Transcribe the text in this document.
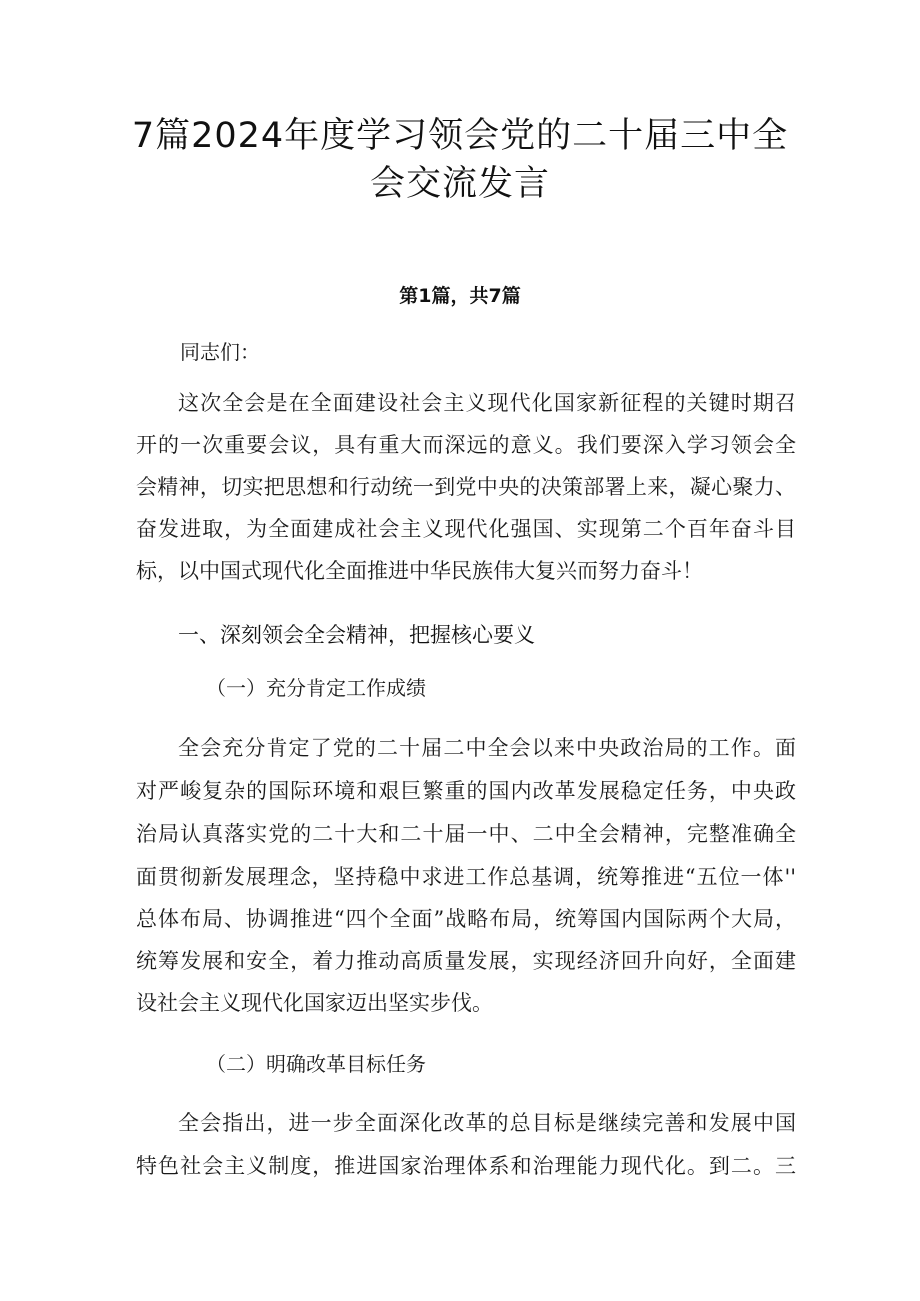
7篇2024年度学习领会党的二十届三中全
会交流发言
第1篇，共7篇
同志们：
这次全会是在全面建设社会主义现代化国家新征程的关键时期召
开的一次重要会议，具有重大而深远的意义。我们要深入学习领会全
会精神，切实把思想和行动统一到党中央的决策部署上来，凝心聚力、
奋发进取，为全面建成社会主义现代化强国、实现第二个百年奋斗目
标，以中国式现代化全面推进中华民族伟大复兴而努力奋斗！
一、深刻领会全会精神，把握核心要义
（一）充分肯定工作成绩
全会充分肯定了党的二十届二中全会以来中央政治局的工作。面
对严峻复杂的国际环境和艰巨繁重的国内改革发展稳定任务，中央政
治局认真落实党的二十大和二十届一中、二中全会精神，完整准确全
面贯彻新发展理念，坚持稳中求进工作总基调，统筹推进“五位一体''
总体布局、协调推进“四个全面”战略布局，统筹国内国际两个大局，
统筹发展和安全，着力推动高质量发展，实现经济回升向好，全面建
设社会主义现代化国家迈出坚实步伐。
（二）明确改革目标任务
全会指出，进一步全面深化改革的总目标是继续完善和发展中国
特色社会主义制度，推进国家治理体系和治理能力现代化。到二。三
